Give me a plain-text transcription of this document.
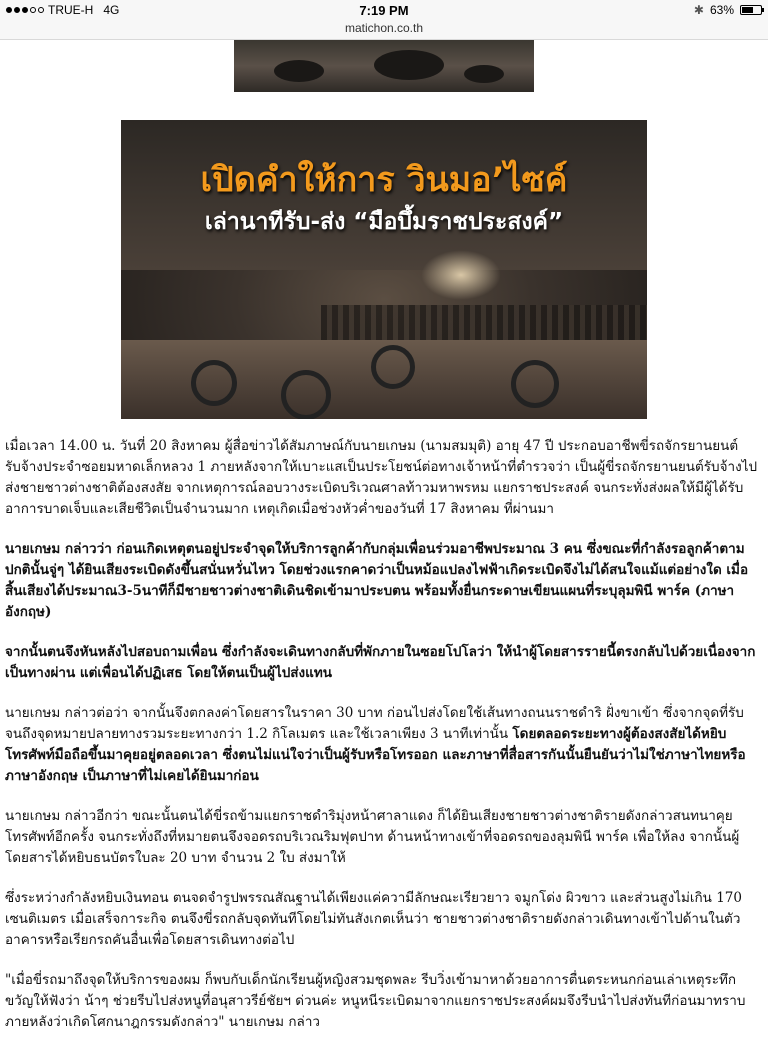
TRUE-H 4G	7:19 PM
matichon.co.th
✱ 63%
เปิดคำให้การ วินมอ’ไซค์
เล่านาทีรับ-ส่ง “มือบึ้มราชประสงค์”

เมื่อเวลา 14.00 น. วันที่ 20 สิงหาคม ผู้สื่อข่าวได้สัมภาษณ์กับนายเกษม (นามสมมุติ) อายุ 47 ปี ประกอบอาชีพขี่รถจักรยานยนต์รับจ้างประจำซอยมหาดเล็กหลวง 1 ภายหลังจากให้เบาะแสเป็นประโยชน์ต่อทางเจ้าหน้าที่ตำรวจว่า เป็นผู้ขี่รถจักรยานยนต์รับจ้างไปส่งชายชาวต่างชาติต้องสงสัย จากเหตุการณ์ลอบวางระเบิดบริเวณศาลท้าวมหาพรหม แยกราชประสงค์ จนกระทั่งส่งผลให้มีผู้ได้รับอาการบาดเจ็บและเสียชีวิตเป็นจำนวนมาก เหตุเกิดเมื่อช่วงหัวค่ำของวันที่ 17 สิงหาคม ที่ผ่านมา

นายเกษม กล่าวว่า ก่อนเกิดเหตุตนอยู่ประจำจุดให้บริการลูกค้ากับกลุ่มเพื่อนร่วมอาชีพประมาณ 3 คน ซึ่งขณะที่กำลังรอลูกค้าตามปกตินั้นจู่ๆ ได้ยินเสียงระเบิดดังขึ้นสนั่นหวั่นไหว โดยช่วงแรกคาดว่าเป็นหม้อแปลงไฟฟ้าเกิดระเบิดจึงไม่ได้สนใจแม้แต่อย่างใด เมื่อสิ้นเสียงได้ประมาณ3-5นาทีก็มีชายชาวต่างชาติเดินชิดเข้ามาประบตน พร้อมทั้งยื่นกระดาษเขียนแผนที่ระบุลุมพินี พาร์ค (ภาษาอังกฤษ)

จากนั้นตนจึงหันหลังไปสอบถามเพื่อน ซึ่งกำลังจะเดินทางกลับที่พักภายในซอยโปโลว่า ให้นำผู้โดยสารรายนี้ตรงกลับไปด้วยเนื่องจากเป็นทางผ่าน แต่เพื่อนได้ปฏิเสธ โดยให้ตนเป็นผู้ไปส่งแทน

นายเกษม กล่าวต่อว่า จากนั้นจึงตกลงค่าโดยสารในราคา 30 บาท ก่อนไปส่งโดยใช้เส้นทางถนนราชดำริ ฝั่งขาเข้า ซึ่งจากจุดที่รับจนถึงจุดหมายปลายทางรวมระยะทางกว่า 1.2 กิโลเมตร และใช้เวลาเพียง 3 นาทีเท่านั้น โดยตลอดระยะทางผู้ต้องสงสัยได้หยิบโทรศัพท์มือถือขึ้นมาคุยอยู่ตลอดเวลา ซึ่งตนไม่แน่ใจว่าเป็นผู้รับหรือโทรออก และภาษาที่สื่อสารกันนั้นยืนยันว่าไม่ใช่ภาษาไทยหรือภาษาอังกฤษ เป็นภาษาที่ไม่เคยได้ยินมาก่อน

นายเกษม กล่าวอีกว่า ขณะนั้นตนได้ขี่รถข้ามแยกราชดำริมุ่งหน้าศาลาแดง ก็ได้ยินเสียงชายชาวต่างชาติรายดังกล่าวสนทนาคุยโทรศัพท์อีกครั้ง จนกระทั่งถึงที่หมายตนจึงจอดรถบริเวณริมฟุตปาท ด้านหน้าทางเข้าที่จอดรถของลุมพินี พาร์ค เพื่อให้ลง จากนั้นผู้โดยสารได้หยิบธนบัตรใบละ 20 บาท จำนวน 2 ใบ ส่งมาให้

ซึ่งระหว่างกำลังหยิบเงินทอน ตนจดจำรูปพรรณสัณฐานได้เพียงแค่ความีลักษณะเรียวยาว จมูกโด่ง ผิวขาว และส่วนสูงไม่เกิน 170 เซนติเมตร เมื่อเสร็จการะกิจ ตนจึงขี่รถกลับจุดทันทีโดยไม่ทันสังเกตเห็นว่า ชายชาวต่างชาติรายดังกล่าวเดินทางเข้าไปด้านในตัวอาคารหรือเรียกรถคันอื่นเพื่อโดยสารเดินทางต่อไป

"เมื่อขี่รถมาถึงจุดให้บริการของผม ก็พบกับเด็กนักเรียนผู้หญิงสวมชุดพละ รีบวิ่งเข้ามาหาด้วยอาการตื่นตระหนกก่อนเล่าเหตุระทึกขวัญให้ฟังว่า น้าๆ ช่วยรีบไปส่งหนูที่อนุสาวรีย์ชัยฯ ด่วนค่ะ หนูหนีระเบิดมาจากแยกราชประสงค์ผมจึงรีบนำไปส่งทันทีก่อนมาทราบภายหลังว่าเกิดโศกนาฎกรรมดังกล่าว" นายเกษม กล่าว
